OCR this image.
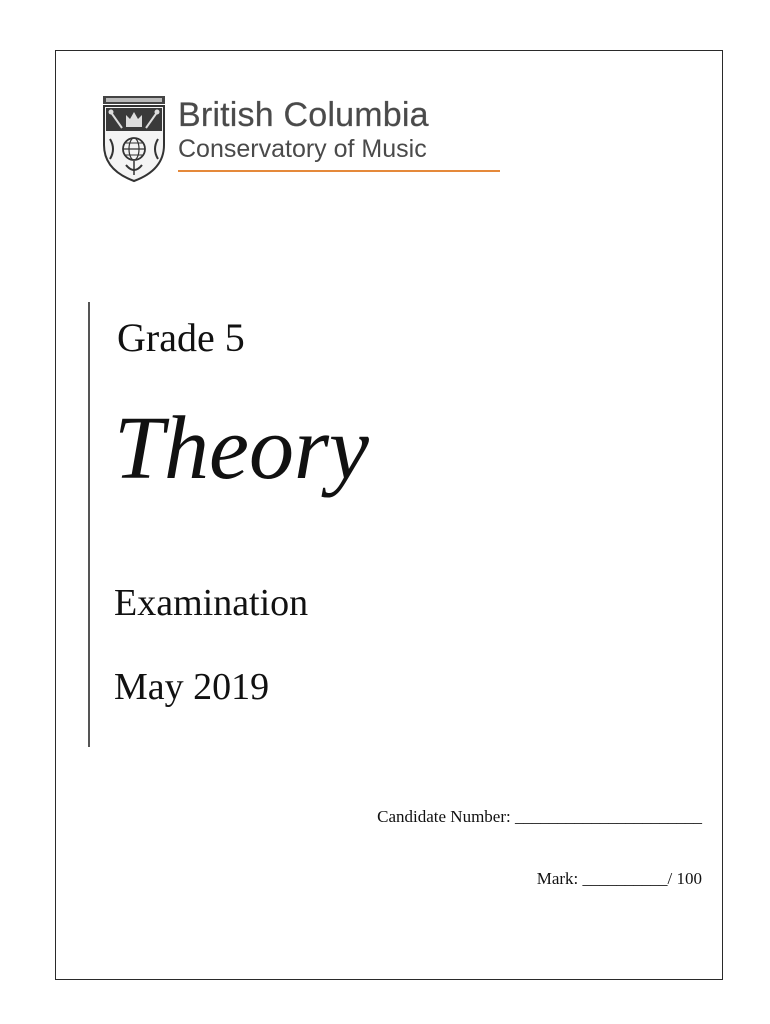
British Columbia
Conservatory of Music
Grade 5
Theory
Examination
May 2019
Candidate Number: ______________________
Mark: __________/ 100
